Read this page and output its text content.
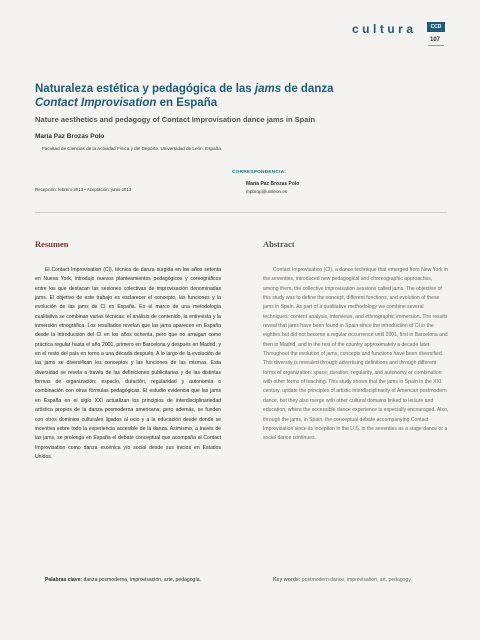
cultura	CCD
107
Naturaleza estética y pedagógica de las jams de danza
Contact Improvisation en España
Nature aesthetics and pedagogy of Contact Improvisation dance jams in Spain
María Paz Brozas Polo
Facultad de Ciencias de la Actividad Física y del Deporte. Universidad de León. España.
CORRESPONDENCIA:
María Paz Brozas Polo
mpbrop@unileon.es
Recepción: febrero 2013 • Aceptación: junio 2013
Resumen	Abstract

El Contact Improvisation (CI), técnica de danza surgida en los años setenta en Nueva York, introdujo nuevos planteamientos pedagógicos y coreográficos entre los que destacan las sesiones colectivas de improvisación denominadas jams. El objetivo de este trabajo es esclarecer el concepto, las funciones y la evolución de las jams de CI en España. En el marco de una metodología cualitativa se combinan varias técnicas: el análisis de contenido, la entrevista y la inmersión etnográfica. Los resultados revelan que las jams aparecen en España desde la introducción del CI en los años ochenta, pero que no arraigan como práctica regular hasta el año 2001, primero en Barcelona y después en Madrid, y en el resto del país en torno a una década después. A lo largo de la evolución de las jams se diversifican los conceptos y las funciones de las mismas. Esta diversidad se revela a través de las definiciones publicitarias y de las distintas formas de organización: espacio, duración, regularidad y autonomía o combinación con otras fórmulas pedagógicas. El estudio evidencia que las jams en España en el siglo XXI actualizan los principios de interdisciplinariedad artística propios de la danza posmoderna americana; pero además, se funden con otros dominios culturales ligados al ocio y a la educación desde donde se incentiva sobre todo la experiencia accesible de la danza. Asimismo, a través de las jams, se prolonga en España el debate conceptual que acompaña al Contact Improvisation como danza escénica y/o social desde sus inicios en Estados Unidos.

Contact Improvisation (CI), a dance technique that emerged from New York in the seventies, introduced new pedagogical and choreographic approaches, among them, the collective improvisation sessions called jams. The objective of this study was to define the concept, different functions, and evolution of these jams in Spain. As part of a qualitative methodology we combine several techniques: content analysis, interviews, and ethnographic immersion. The results reveal that jams have been found in Spain since the introduction of CI in the eighties but did not become a regular occurrence until 2001, first in Barcelona and then in Madrid, and in the rest of the country approximately a decade later. Throughout the evolution of jams, concepts and functions have been diversified. This diversity is revealed through advertising definitions and through different forms of organization: space, duration, regularity, and autonomy or combination with other forms of teaching. This study shows that the jams in Spain in the XXI century, update the principles of artistic interdisciplinarity of American postmodern dance, but they also merge with other cultural domains linked to leisure and education, where the accessible dance experience is especially encouraged. Also, through the jams, in Spain, the conceptual debate accompanying Contact Improvisation since its inception in the U.S. in the seventies as a stage dance or a social dance continues.

Palabras clave: danza posmoderna, improvisación, arte, pedagogía.	Key words: postmodern dance, improvisation, art, pedagogy.
